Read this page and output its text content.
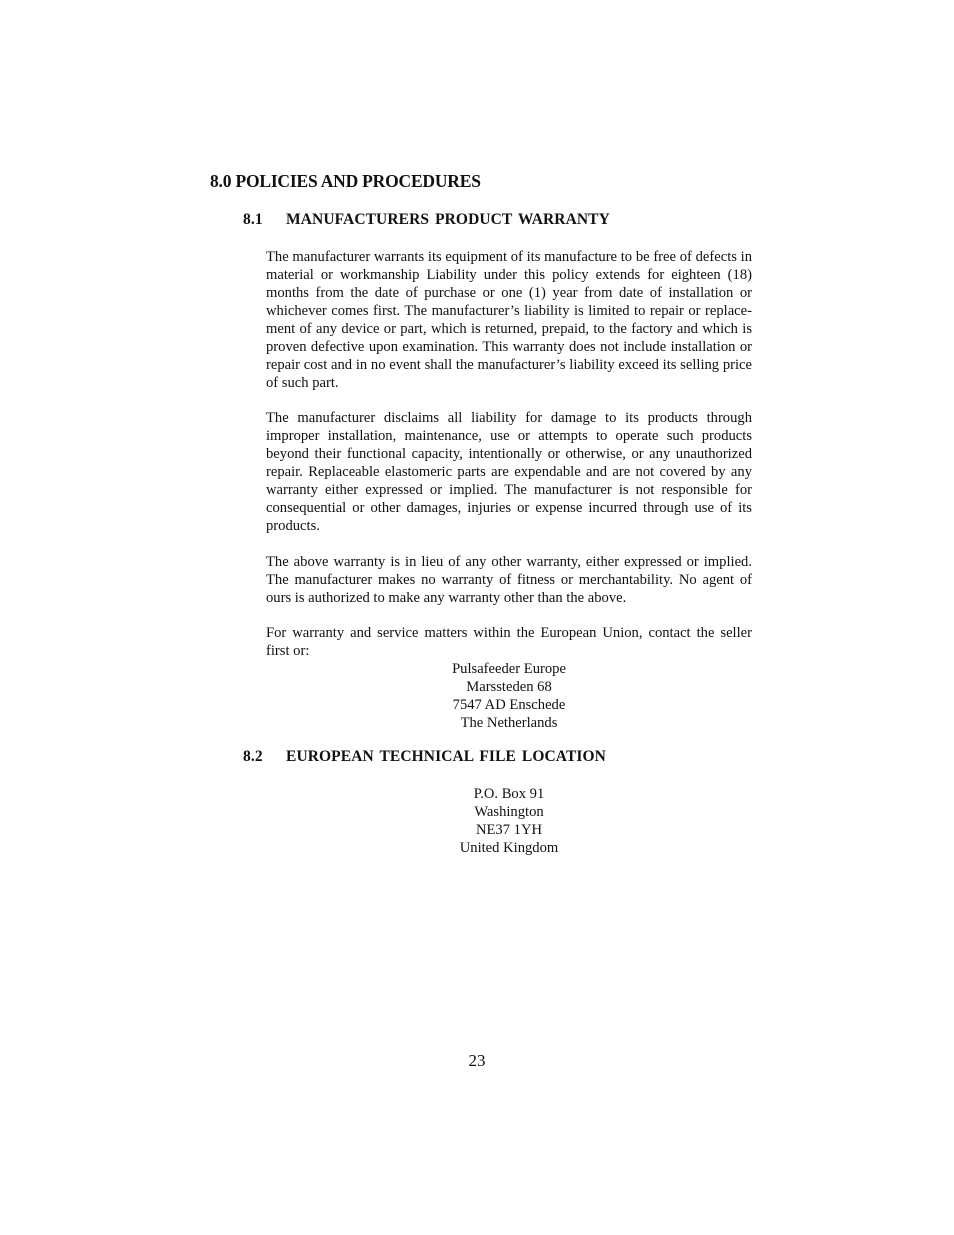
8.0 POLICIES AND PROCEDURES
8.1 MANUFACTURERS PRODUCT WARRANTY

The manufacturer warrants its equipment of its manufacture to be free of defects in material or workmanship Liability under this policy extends for eighteen (18) months from the date of purchase or one (1) year from date of installation or whichever comes first. The manufacturer’s liability is limited to repair or replace-ment of any device or part, which is returned, prepaid, to the factory and which is proven defective upon examination. This warranty does not include installation or repair cost and in no event shall the manufacturer’s liability exceed its selling price of such part.

The manufacturer disclaims all liability for damage to its products through improper installation, maintenance, use or attempts to operate such products beyond their functional capacity, intentionally or otherwise, or any unauthorized repair. Replaceable elastomeric parts are expendable and are not covered by any warranty either expressed or implied. The manufacturer is not responsible for consequential or other damages, injuries or expense incurred through use of its products.

The above warranty is in lieu of any other warranty, either expressed or implied. The manufacturer makes no warranty of fitness or merchantability. No agent of ours is authorized to make any warranty other than the above.

For warranty and service matters within the European Union, contact the seller first or:

Pulsafeeder Europe
Marssteden 68
7547 AD Enschede
The Netherlands
8.2 EUROPEAN TECHNICAL FILE LOCATION
P.O. Box 91
Washington
NE37 1YH
United Kingdom
23
